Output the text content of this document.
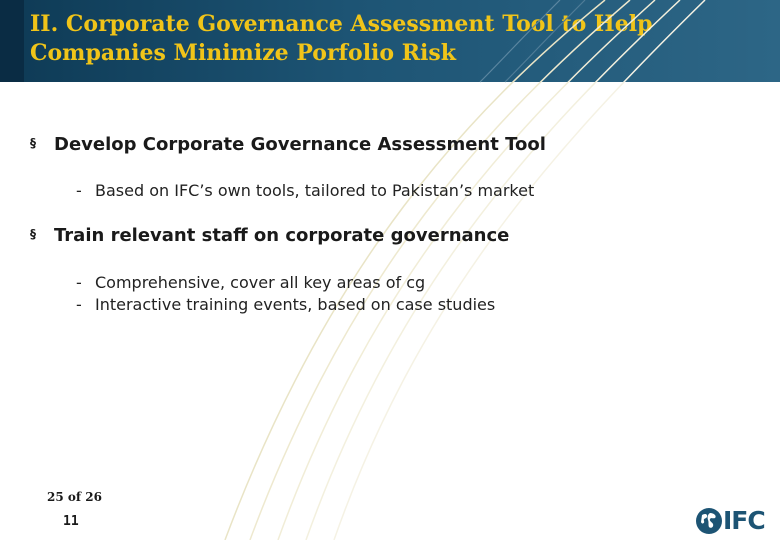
II. Corporate Governance Assessment Tool to Help
Companies Minimize Porfolio Risk
§ Develop Corporate Governance Assessment Tool
- Based on IFC’s own tools, tailored to Pakistan’s market
§ Train relevant staff on corporate governance
- Comprehensive, cover all key areas of cg
- Interactive training events, based on case studies
25 of 26
11	IFC
